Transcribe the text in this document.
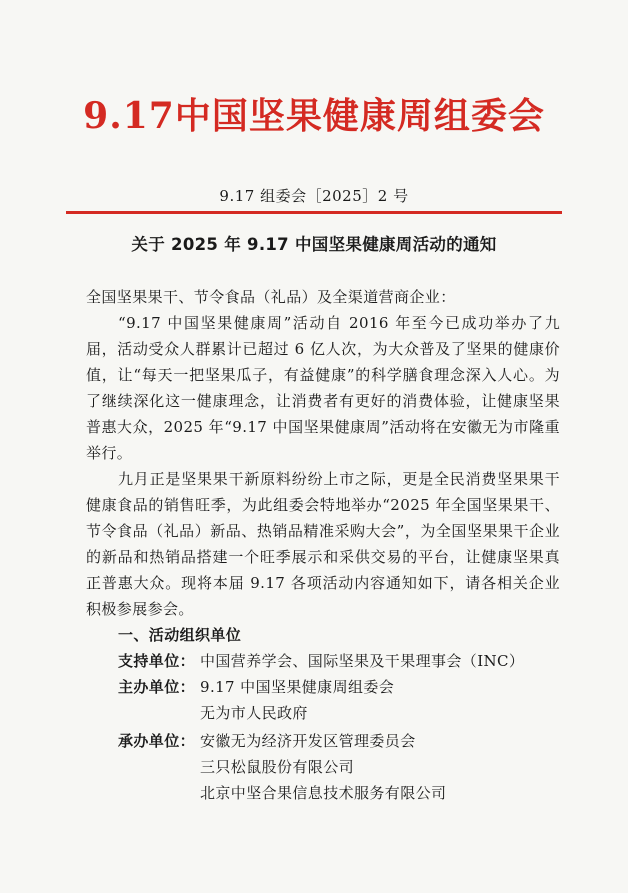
9.17中国坚果健康周组委会
9.17 组委会［2025］2 号
关于 2025 年 9.17 中国坚果健康周活动的通知

全国坚果果干、节令食品（礼品）及全渠道营商企业：

“9.17 中国坚果健康周”活动自 2016 年至今已成功举办了九届，活动受众人群累计已超过 6 亿人次，为大众普及了坚果的健康价值，让“每天一把坚果瓜子，有益健康”的科学膳食理念深入人心。为了继续深化这一健康理念，让消费者有更好的消费体验，让健康坚果普惠大众，2025 年“9.17 中国坚果健康周”活动将在安徽无为市隆重举行。

九月正是坚果果干新原料纷纷上市之际，更是全民消费坚果果干健康食品的销售旺季，为此组委会特地举办“2025 年全国坚果果干、节令食品（礼品）新品、热销品精准采购大会”，为全国坚果果干企业的新品和热销品搭建一个旺季展示和采供交易的平台，让健康坚果真正普惠大众。现将本届 9.17 各项活动内容通知如下，请各相关企业积极参展参会。

一、活动组织单位

支持单位： 中国营养学会、国际坚果及干果理事会（INC）
主办单位： 9.17 中国坚果健康周组委会
无为市人民政府
承办单位： 安徽无为经济开发区管理委员会
三只松鼠股份有限公司
北京中坚合果信息技术服务有限公司
